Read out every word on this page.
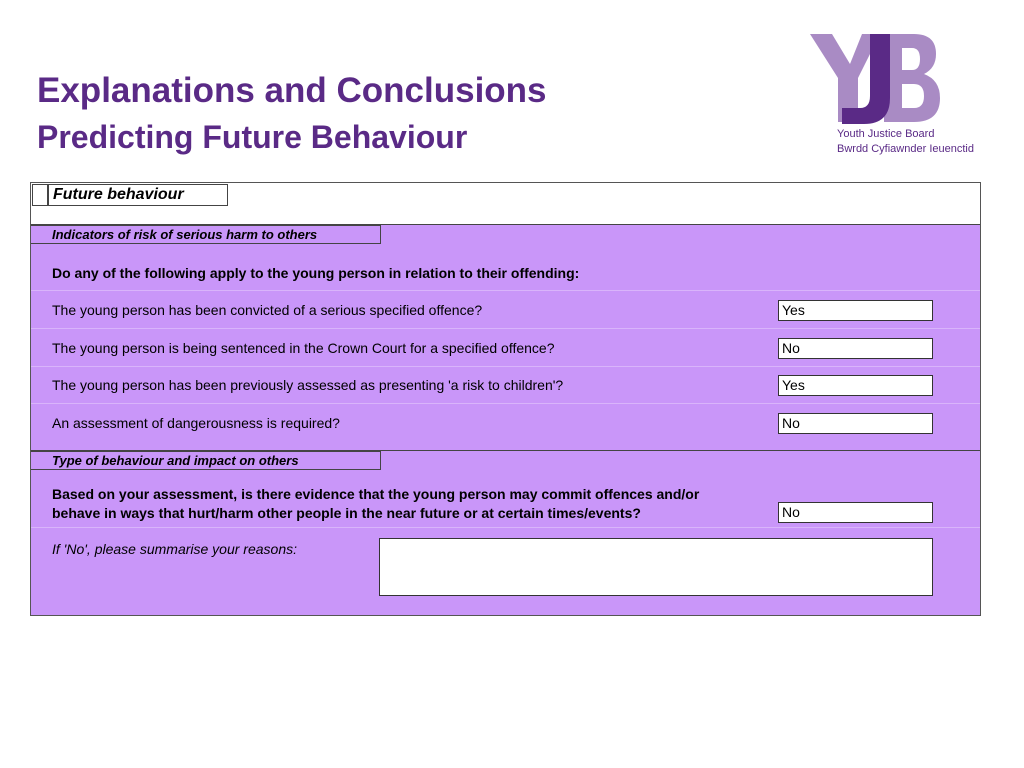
Explanations and Conclusions
Predicting Future Behaviour	Youth Justice Board
Bwrdd Cyfiawnder Ieuenctid
Future behaviour
Indicators of risk of serious harm to others
Do any of the following apply to the young person in relation to their offending:
The young person has been convicted of a serious specified offence?	Yes
The young person is being sentenced in the Crown Court for a specified offence?	No
The young person has been previously assessed as presenting 'a risk to children'?	Yes
An assessment of dangerousness is required?	No
Type of behaviour and impact on others
Based on your assessment, is there evidence that the young person may commit offences and/or
behave in ways that hurt/harm other people in the near future or at certain times/events?	No
If 'No', please summarise your reasons:
